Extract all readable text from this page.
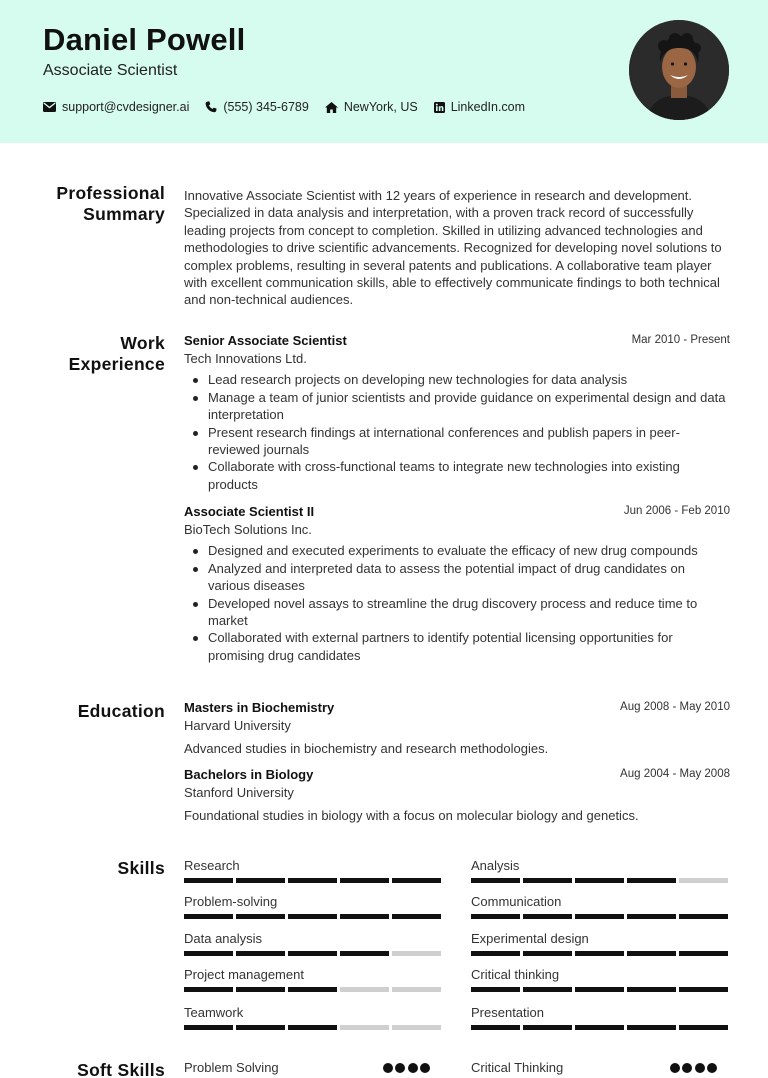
Daniel Powell
Associate Scientist
support@cvdesigner.ai	(555) 345-6789	NewYork, US	LinkedIn.com
Professional
Summary
Innovative Associate Scientist with 12 years of experience in research and development. Specialized in data analysis and interpretation, with a proven track record of successfully leading projects from concept to completion. Skilled in utilizing advanced technologies and methodologies to drive scientific advancements. Recognized for developing novel solutions to complex problems, resulting in several patents and publications. A collaborative team player with excellent communication skills, able to effectively communicate findings to both technical and non-technical audiences.
Work
Experience
Senior Associate Scientist	Mar 2010 - Present
Tech Innovations Ltd.
Lead research projects on developing new technologies for data analysis
Manage a team of junior scientists and provide guidance on experimental design and data interpretation
Present research findings at international conferences and publish papers in peer-reviewed journals
Collaborate with cross-functional teams to integrate new technologies into existing products
Associate Scientist II	Jun 2006 - Feb 2010
BioTech Solutions Inc.
Designed and executed experiments to evaluate the efficacy of new drug compounds
Analyzed and interpreted data to assess the potential impact of drug candidates on various diseases
Developed novel assays to streamline the drug discovery process and reduce time to market
Collaborated with external partners to identify potential licensing opportunities for promising drug candidates
Education Masters in Biochemistry	Aug 2008 - May 2010
Harvard University
Advanced studies in biochemistry and research methodologies.
Bachelors in Biology	Aug 2004 - May 2008
Stanford University
Foundational studies in biology with a focus on molecular biology and genetics.
Skills Research	Analysis
Problem-solving	Communication
Data analysis	Experimental design
Project management	Critical thinking
Teamwork	Presentation
Soft Skills Problem Solving	Critical Thinking
